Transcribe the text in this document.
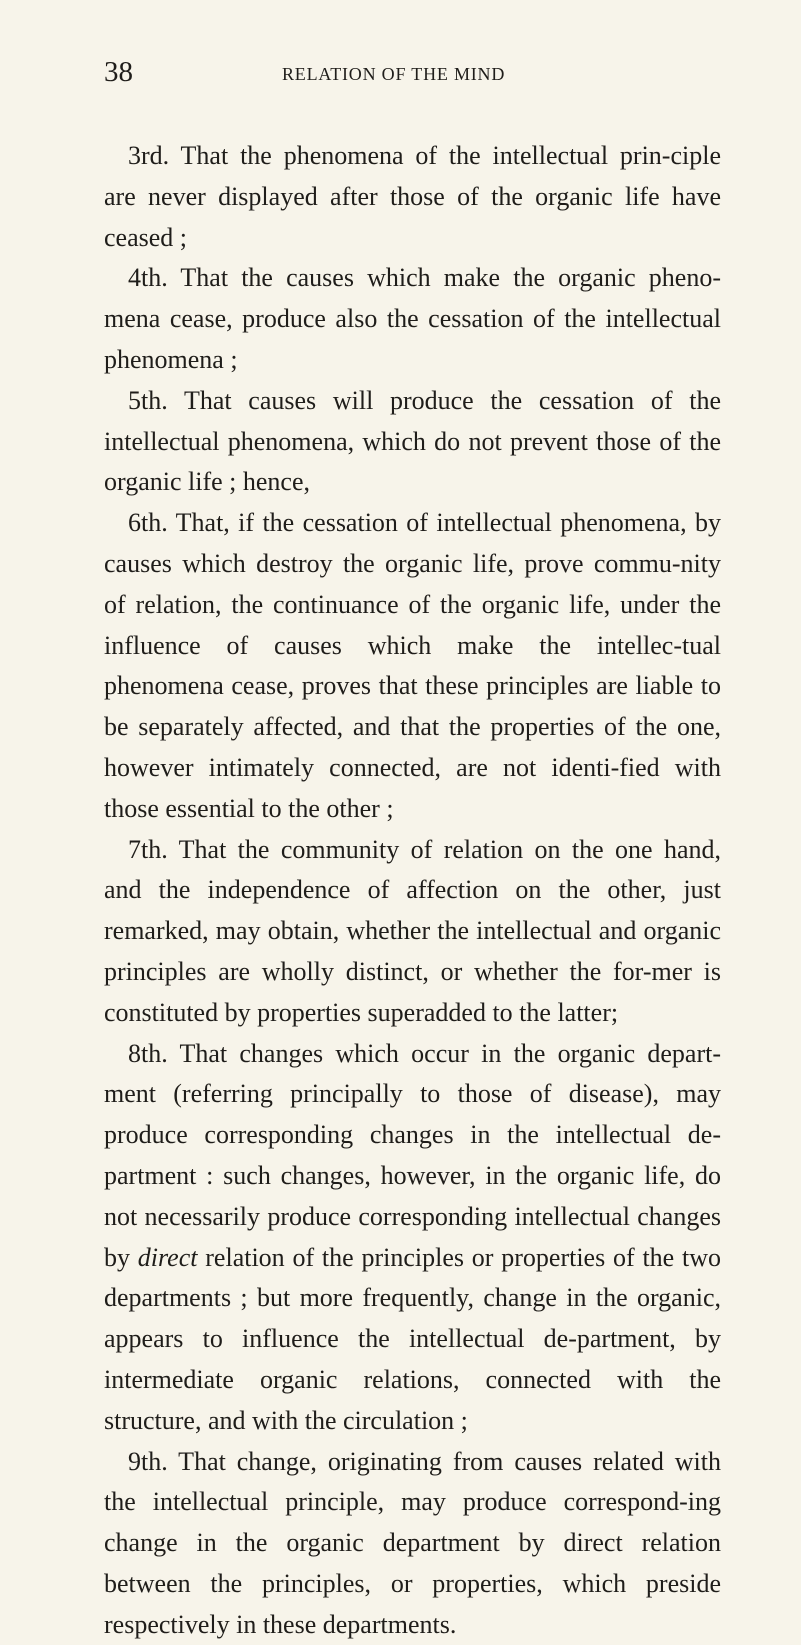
38	RELATION OF THE MIND

3rd. That the phenomena of the intellectual prin-ciple are never displayed after those of the organic life have ceased ;

4th. That the causes which make the organic pheno-mena cease, produce also the cessation of the intellectual phenomena ;

5th. That causes will produce the cessation of the intellectual phenomena, which do not prevent those of the organic life ; hence,

6th. That, if the cessation of intellectual phenomena, by causes which destroy the organic life, prove commu-nity of relation, the continuance of the organic life, under the influence of causes which make the intellec-tual phenomena cease, proves that these principles are liable to be separately affected, and that the properties of the one, however intimately connected, are not identi-fied with those essential to the other ;

7th. That the community of relation on the one hand, and the independence of affection on the other, just remarked, may obtain, whether the intellectual and organic principles are wholly distinct, or whether the for-mer is constituted by properties superadded to the latter;

8th. That changes which occur in the organic depart-ment (referring principally to those of disease), may produce corresponding changes in the intellectual de-partment : such changes, however, in the organic life, do not necessarily produce corresponding intellectual changes by direct relation of the principles or properties of the two departments ; but more frequently, change in the organic, appears to influence the intellectual de-partment, by intermediate organic relations, connected with the structure, and with the circulation ;

9th. That change, originating from causes related with the intellectual principle, may produce correspond-ing change in the organic department by direct relation between the principles, or properties, which preside respectively in these departments.
